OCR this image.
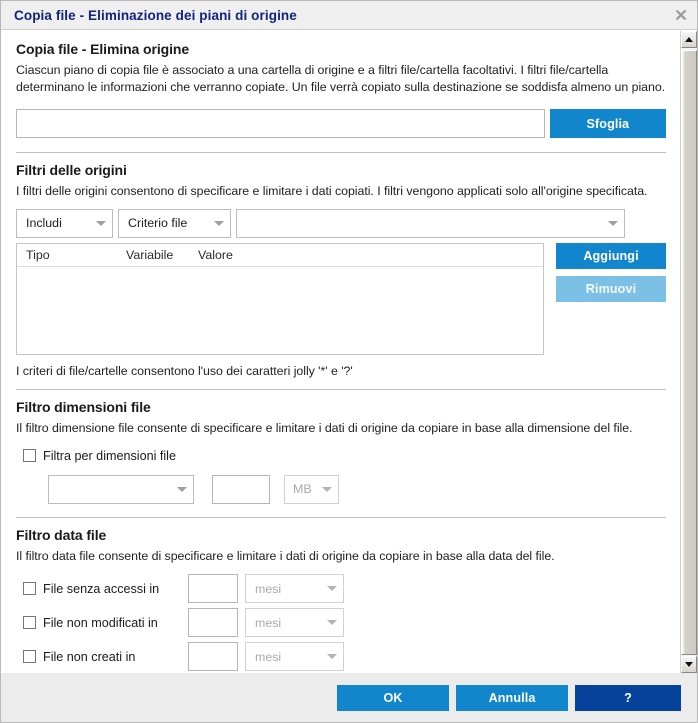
Copia file - Eliminazione dei piani di origine
Copia file - Elimina origine

Ciascun piano di copia file è associato a una cartella di origine e a filtri file/cartella facoltativi. I filtri file/cartella determinano le informazioni che verranno copiate. Un file verrà copiato sulla destinazione se soddisfa almeno un piano.

Sfoglia
Filtri delle origini

I filtri delle origini consentono di specificare e limitare i dati copiati. I filtri vengono applicati solo all'origine specificata.

Includi	Criterio file
Tipo	Variabile	Valore	Aggiungi
Rimuovi

I criteri di file/cartelle consentono l'uso dei caratteri jolly '*' e '?'

Filtro dimensioni file

Il filtro dimensione file consente di specificare e limitare i dati di origine da copiare in base alla dimensione del file.

Filtra per dimensioni file
MB
Filtro data file

Il filtro data file consente di specificare e limitare i dati di origine da copiare in base alla data del file.

File senza accessi in	mesi
File non modificati in	mesi
File non creati in	mesi
OK	Annulla	?
